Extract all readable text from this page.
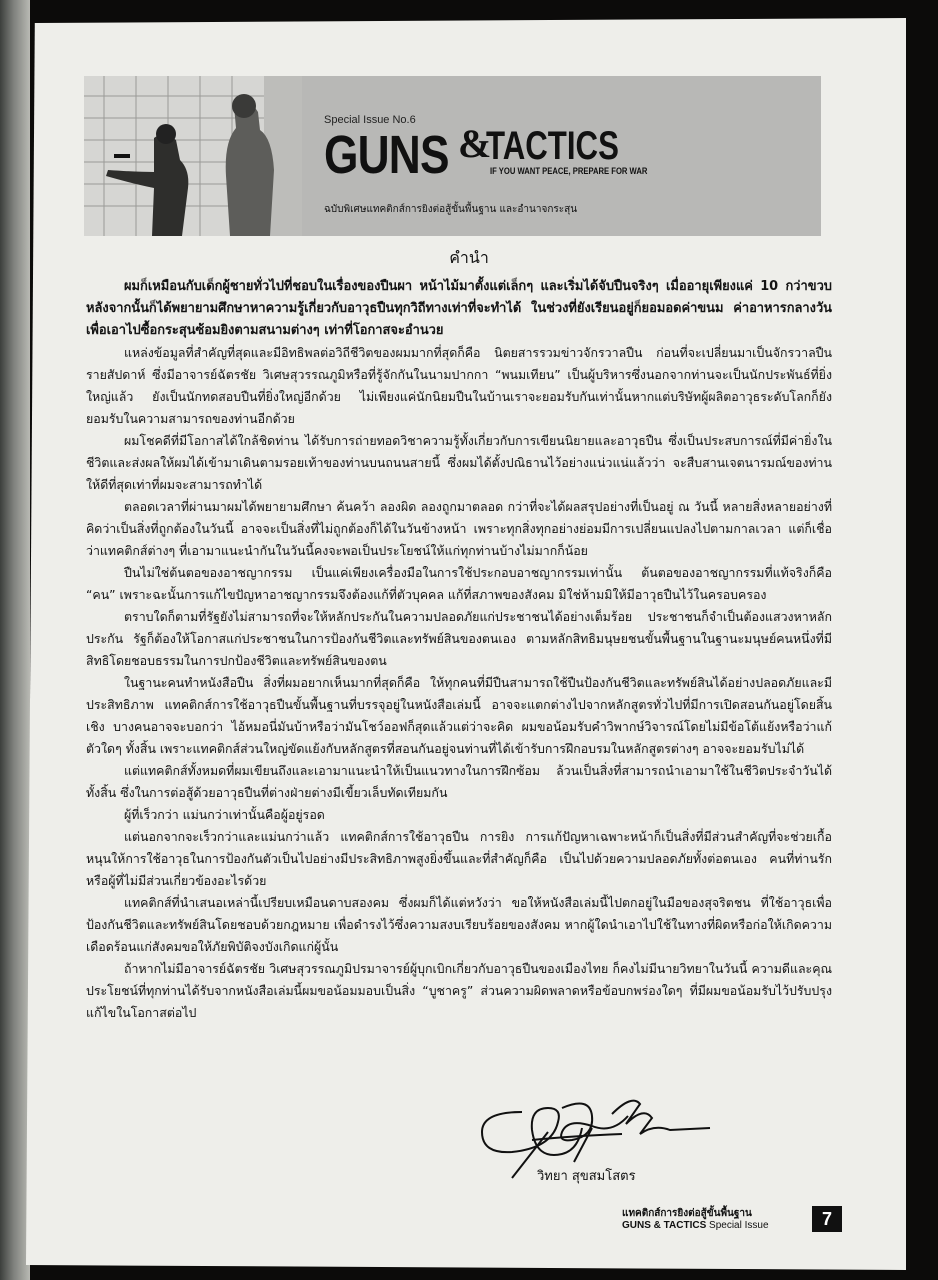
Special Issue No.6
GUNS &
TACTICS
IF YOU WANT PEACE, PREPARE FOR WAR
ฉบับพิเศษแทคติกส์การยิงต่อสู้ขั้นพื้นฐาน และอำนาจกระสุน
คำนำ

ผมก็เหมือนกับเด็กผู้ชายทั่วไปที่ชอบในเรื่องของปืนผา หน้าไม้มาตั้งแต่เล็กๆ และเริ่มได้จับปืนจริงๆ เมื่ออายุเพียงแค่ 10 กว่าขวบหลังจากนั้นก็ได้พยายามศึกษาหาความรู้เกี่ยวกับอาวุธปืนทุกวิถีทางเท่าที่จะทำได้ ในช่วงที่ยังเรียนอยู่ก็ยอมอดค่าขนม ค่าอาหารกลางวันเพื่อเอาไปซื้อกระสุนซ้อมยิงตามสนามต่างๆ เท่าที่โอกาสจะอำนวย

แหล่งข้อมูลที่สำคัญที่สุดและมีอิทธิพลต่อวิถีชีวิตของผมมากที่สุดก็คือ นิตยสารรวมข่าวจักรวาลปืน ก่อนที่จะเปลี่ยนมาเป็นจักรวาลปืนรายสัปดาห์ ซึ่งมีอาจารย์ฉัตรชัย วิเศษสุวรรณภูมิหรือที่รู้จักกันในนามปากกา “พนมเทียน” เป็นผู้บริหารซึ่งนอกจากท่านจะเป็นนักประพันธ์ที่ยิ่งใหญ่แล้ว ยังเป็นนักทดสอบปืนที่ยิ่งใหญ่อีกด้วย ไม่เพียงแค่นักนิยมปืนในบ้านเราจะยอมรับกันเท่านั้นหากแต่บริษัทผู้ผลิตอาวุธระดับโลกก็ยังยอมรับในความสามารถของท่านอีกด้วย

ผมโชคดีที่มีโอกาสได้ใกล้ชิดท่าน ได้รับการถ่ายทอดวิชาความรู้ทั้งเกี่ยวกับการเขียนนิยายและอาวุธปืน ซึ่งเป็นประสบการณ์ที่มีค่ายิ่งในชีวิตและส่งผลให้ผมได้เข้ามาเดินตามรอยเท้าของท่านบนถนนสายนี้ ซึ่งผมได้ตั้งปณิธานไว้อย่างแน่วแน่แล้วว่า จะสืบสานเจตนารมณ์ของท่านให้ดีที่สุดเท่าที่ผมจะสามารถทำได้

ตลอดเวลาที่ผ่านมาผมได้พยายามศึกษา ค้นคว้า ลองผิด ลองถูกมาตลอด กว่าที่จะได้ผลสรุปอย่างที่เป็นอยู่ ณ วันนี้ หลายสิ่งหลายอย่างที่คิดว่าเป็นสิ่งที่ถูกต้องในวันนี้ อาจจะเป็นสิ่งที่ไม่ถูกต้องก็ได้ในวันข้างหน้า เพราะทุกสิ่งทุกอย่างย่อมมีการเปลี่ยนแปลงไปตามกาลเวลา แต่ก็เชื่อว่าแทคติกส์ต่างๆ ที่เอามาแนะนำกันในวันนี้คงจะพอเป็นประโยชน์ให้แก่ทุกท่านบ้างไม่มากก็น้อย

ปืนไม่ใช่ต้นตอของอาชญากรรม เป็นแค่เพียงเครื่องมือในการใช้ประกอบอาชญากรรมเท่านั้น ต้นตอของอาชญากรรมที่แท้จริงก็คือ “คน” เพราะฉะนั้นการแก้ไขปัญหาอาชญากรรมจึงต้องแก้ที่ตัวบุคคล แก้ที่สภาพของสังคม มิใช่ห้ามมิให้มีอาวุธปืนไว้ในครอบครอง

ตราบใดก็ตามที่รัฐยังไม่สามารถที่จะให้หลักประกันในความปลอดภัยแก่ประชาชนได้อย่างเต็มร้อย ประชาชนก็จำเป็นต้องแสวงหาหลักประกัน รัฐก็ต้องให้โอกาสแก่ประชาชนในการป้องกันชีวิตและทรัพย์สินของตนเอง ตามหลักสิทธิมนุษยชนขั้นพื้นฐานในฐานะมนุษย์คนหนึ่งที่มีสิทธิโดยชอบธรรมในการปกป้องชีวิตและทรัพย์สินของตน

ในฐานะคนทำหนังสือปืน สิ่งที่ผมอยากเห็นมากที่สุดก็คือ ให้ทุกคนที่มีปืนสามารถใช้ปืนป้องกันชีวิตและทรัพย์สินได้อย่างปลอดภัยและมีประสิทธิภาพ แทคติกส์การใช้อาวุธปืนขั้นพื้นฐานที่บรรจุอยู่ในหนังสือเล่มนี้ อาจจะแตกต่างไปจากหลักสูตรทั่วไปที่มีการเปิดสอนกันอยู่โดยสิ้นเชิง บางคนอาจจะบอกว่า ไอ้หมอนี่มันบ้าหรือว่ามันโชว์ออฟก็สุดแล้วแต่ว่าจะคิด ผมขอน้อมรับคำวิพากษ์วิจารณ์โดยไม่มีข้อโต้แย้งหรือว่าแก้ตัวใดๆ ทั้งสิ้น เพราะแทคติกส์ส่วนใหญ่ขัดแย้งกับหลักสูตรที่สอนกันอยู่จนท่านที่ได้เข้ารับการฝึกอบรมในหลักสูตรต่างๆ อาจจะยอมรับไม่ได้

แต่แทคติกส์ทั้งหมดที่ผมเขียนถึงและเอามาแนะนำให้เป็นแนวทางในการฝึกซ้อม ล้วนเป็นสิ่งที่สามารถนำเอามาใช้ในชีวิตประจำวันได้ทั้งสิ้น ซึ่งในการต่อสู้ด้วยอาวุธปืนที่ต่างฝ่ายต่างมีเขี้ยวเล็บทัดเทียมกัน

ผู้ที่เร็วกว่า แม่นกว่าเท่านั้นคือผู้อยู่รอด

แต่นอกจากจะเร็วกว่าและแม่นกว่าแล้ว แทคติกส์การใช้อาวุธปืน การยิง การแก้ปัญหาเฉพาะหน้าก็เป็นสิ่งที่มีส่วนสำคัญที่จะช่วยเกื้อหนุนให้การใช้อาวุธในการป้องกันตัวเป็นไปอย่างมีประสิทธิภาพสูงยิ่งขึ้นและที่สำคัญก็คือ เป็นไปด้วยความปลอดภัยทั้งต่อตนเอง คนที่ท่านรักหรือผู้ที่ไม่มีส่วนเกี่ยวข้องอะไรด้วย

แทคติกส์ที่นำเสนอเหล่านี้เปรียบเหมือนดาบสองคม ซึ่งผมก็ได้แต่หวังว่า ขอให้หนังสือเล่มนี้ไปตกอยู่ในมือของสุจริตชน ที่ใช้อาวุธเพื่อป้องกันชีวิตและทรัพย์สินโดยชอบด้วยกฎหมาย เพื่อดำรงไว้ซึ่งความสงบเรียบร้อยของสังคม หากผู้ใดนำเอาไปใช้ในทางที่ผิดหรือก่อให้เกิดความเดือดร้อนแก่สังคมขอให้ภัยพิบัติจงบังเกิดแก่ผู้นั้น

ถ้าหากไม่มีอาจารย์ฉัตรชัย วิเศษสุวรรณภูมิปรมาจารย์ผู้บุกเบิกเกี่ยวกับอาวุธปืนของเมืองไทย ก็คงไม่มีนายวิทยาในวันนี้ ความดีและคุณประโยชน์ที่ทุกท่านได้รับจากหนังสือเล่มนี้ผมขอน้อมมอบเป็นสิ่ง “บูชาครู” ส่วนความผิดพลาดหรือข้อบกพร่องใดๆ ที่มีผมขอน้อมรับไว้ปรับปรุง แก้ไขในโอกาสต่อไป

วิทยา สุขสมโสตร
แทคติกส์การยิงต่อสู้ขั้นพื้นฐาน
GUNS & TACTICS Special Issue	7
